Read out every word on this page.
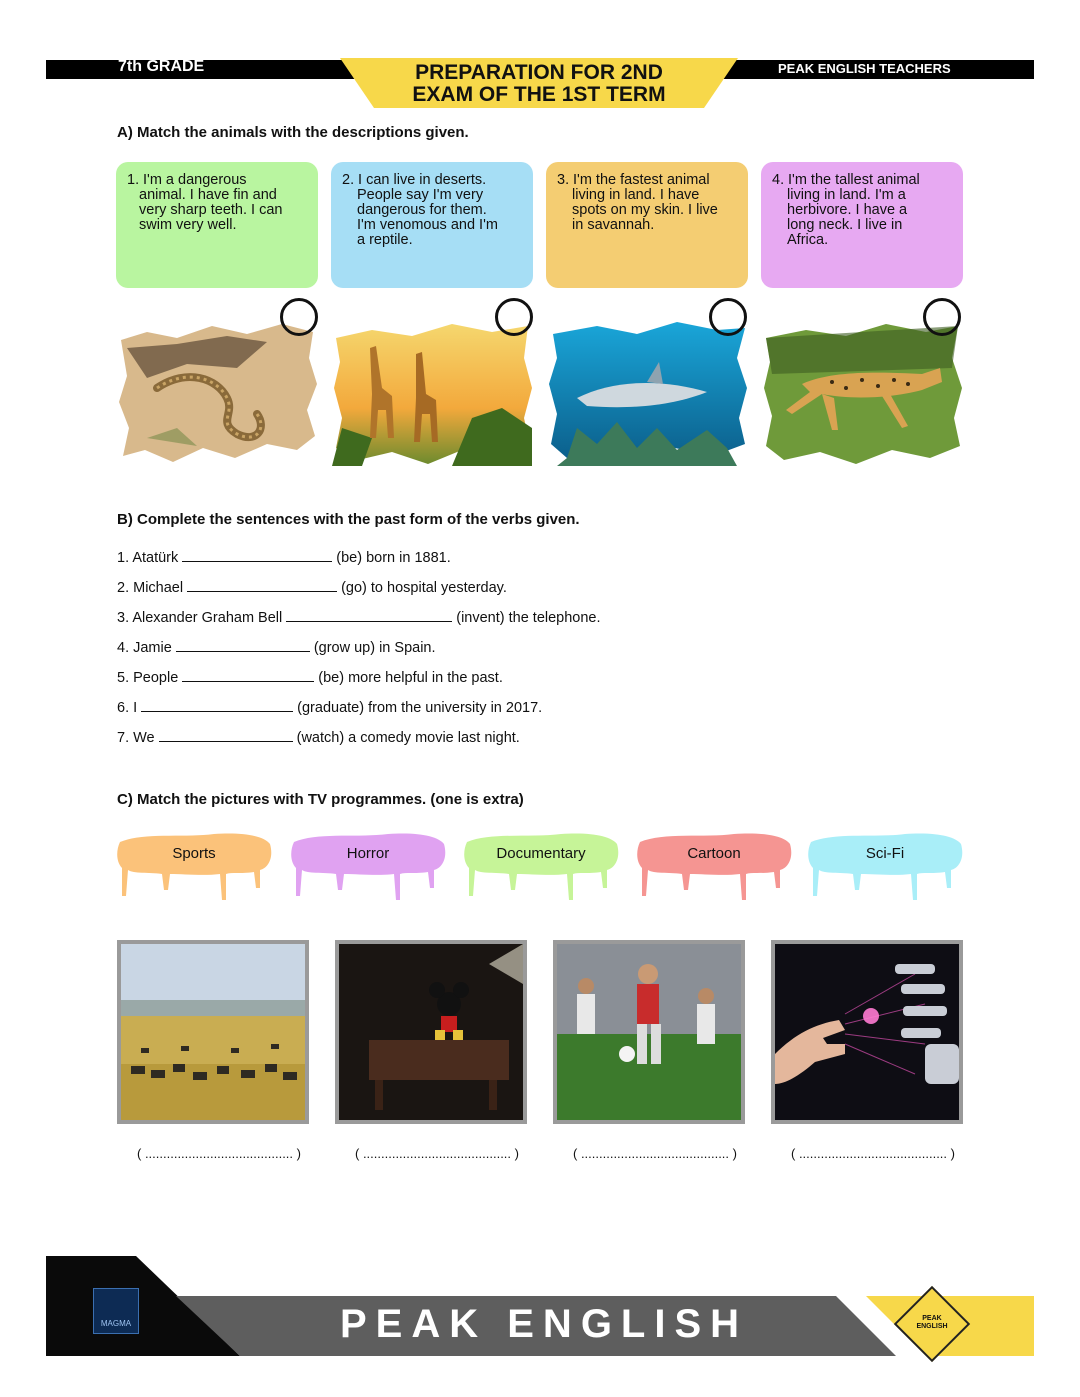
7th GRADE	PEAK ENGLISH TEACHERS
PREPARATION FOR 2ND
EXAM OF THE 1ST TERM
A) Match the animals with the descriptions given.
1. I'm a dangerous
animal. I have fin and
very sharp teeth. I can
swim very well.
2. I can live in deserts.
People say I'm very
dangerous for them.
I'm venomous and I'm
a reptile.
3. I'm the fastest animal
living in land. I have
spots on my skin. I live
in savannah.
4. I'm the tallest animal
living in land. I'm a
herbivore. I have a
long neck. I live in
Africa.
B) Complete the sentences with the past form of the verbs given.
1. Atatürk	(be) born in 1881.
2. Michael	(go) to hospital yesterday.
3. Alexander Graham Bell	(invent) the telephone.
4. Jamie	(grow up) in Spain.
5. People	(be) more helpful in the past.
6. I	(graduate) from the university in 2017.
7. We	(watch) a comedy movie last night.
C) Match the pictures with TV programmes. (one is extra)
Sports	Horror	Documentary	Cartoon	Sci-Fi
( ......................................... )	( ......................................... )	( ......................................... )	( ......................................... )
MAGMA	PEAK ENGLISH	PEAK
ENGLISH
